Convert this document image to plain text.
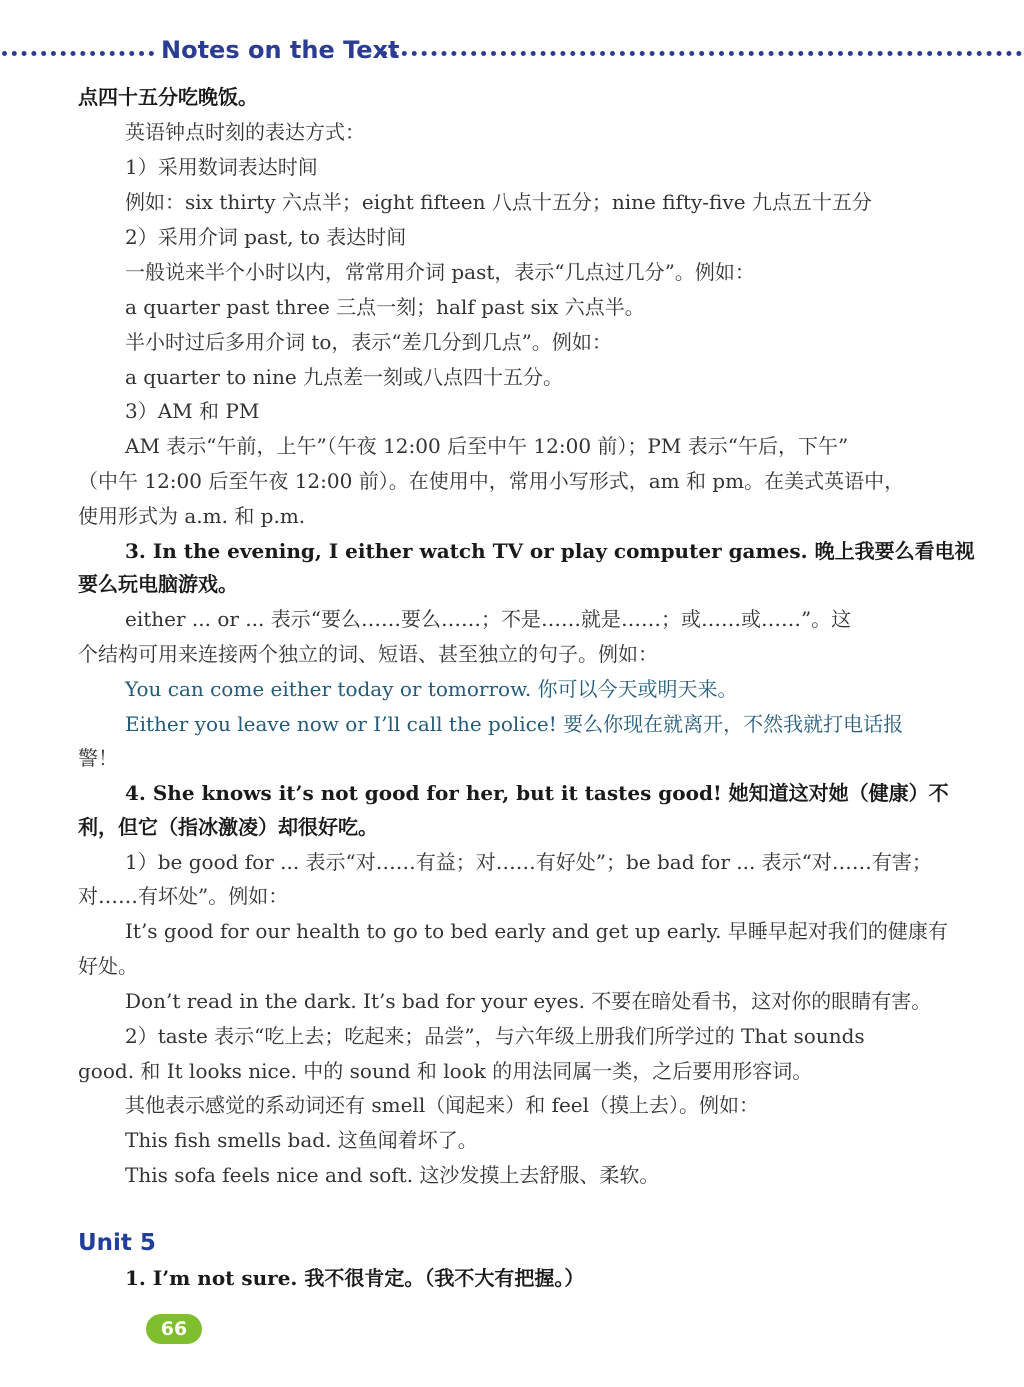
Notes on the Text
点四十五分吃晚饭。
英语钟点时刻的表达方式：
1）采用数词表达时间
例如：six thirty 六点半；eight fifteen 八点十五分；nine fifty-five 九点五十五分
2）采用介词 past, to 表达时间
一般说来半个小时以内，常常用介词 past，表示“几点过几分”。例如：
a quarter past three 三点一刻；half past six 六点半。
半小时过后多用介词 to，表示“差几分到几点”。例如：
a quarter to nine 九点差一刻或八点四十五分。
3）AM 和 PM
AM 表示“午前，上午”（午夜 12:00 后至中午 12:00 前）；PM 表示“午后，下午”
（中午 12:00 后至午夜 12:00 前）。在使用中，常用小写形式，am 和 pm。在美式英语中，
使用形式为 a.m. 和 p.m.
3. In the evening, I either watch TV or play computer games. 晚上我要么看电视
要么玩电脑游戏。
either ... or ... 表示“要么……要么……；不是……就是……；或……或……”。这
个结构可用来连接两个独立的词、短语、甚至独立的句子。例如：
You can come either today or tomorrow. 你可以今天或明天来。
Either you leave now or I’ll call the police! 要么你现在就离开，不然我就打电话报
警！
4. She knows it’s not good for her, but it tastes good! 她知道这对她（健康）不
利，但它（指冰激凌）却很好吃。
1）be good for ... 表示“对……有益；对……有好处”；be bad for ... 表示“对……有害；
对……有坏处”。例如：
It’s good for our health to go to bed early and get up early. 早睡早起对我们的健康有
好处。
Don’t read in the dark. It’s bad for your eyes. 不要在暗处看书，这对你的眼睛有害。
2）taste 表示“吃上去；吃起来；品尝”，与六年级上册我们所学过的 That sounds
good. 和 It looks nice. 中的 sound 和 look 的用法同属一类，之后要用形容词。
其他表示感觉的系动词还有 smell（闻起来）和 feel（摸上去）。例如：
This fish smells bad. 这鱼闻着坏了。
This sofa feels nice and soft. 这沙发摸上去舒服、柔软。
Unit 5
1. I’m not sure. 我不很肯定。（我不大有把握。）
66
